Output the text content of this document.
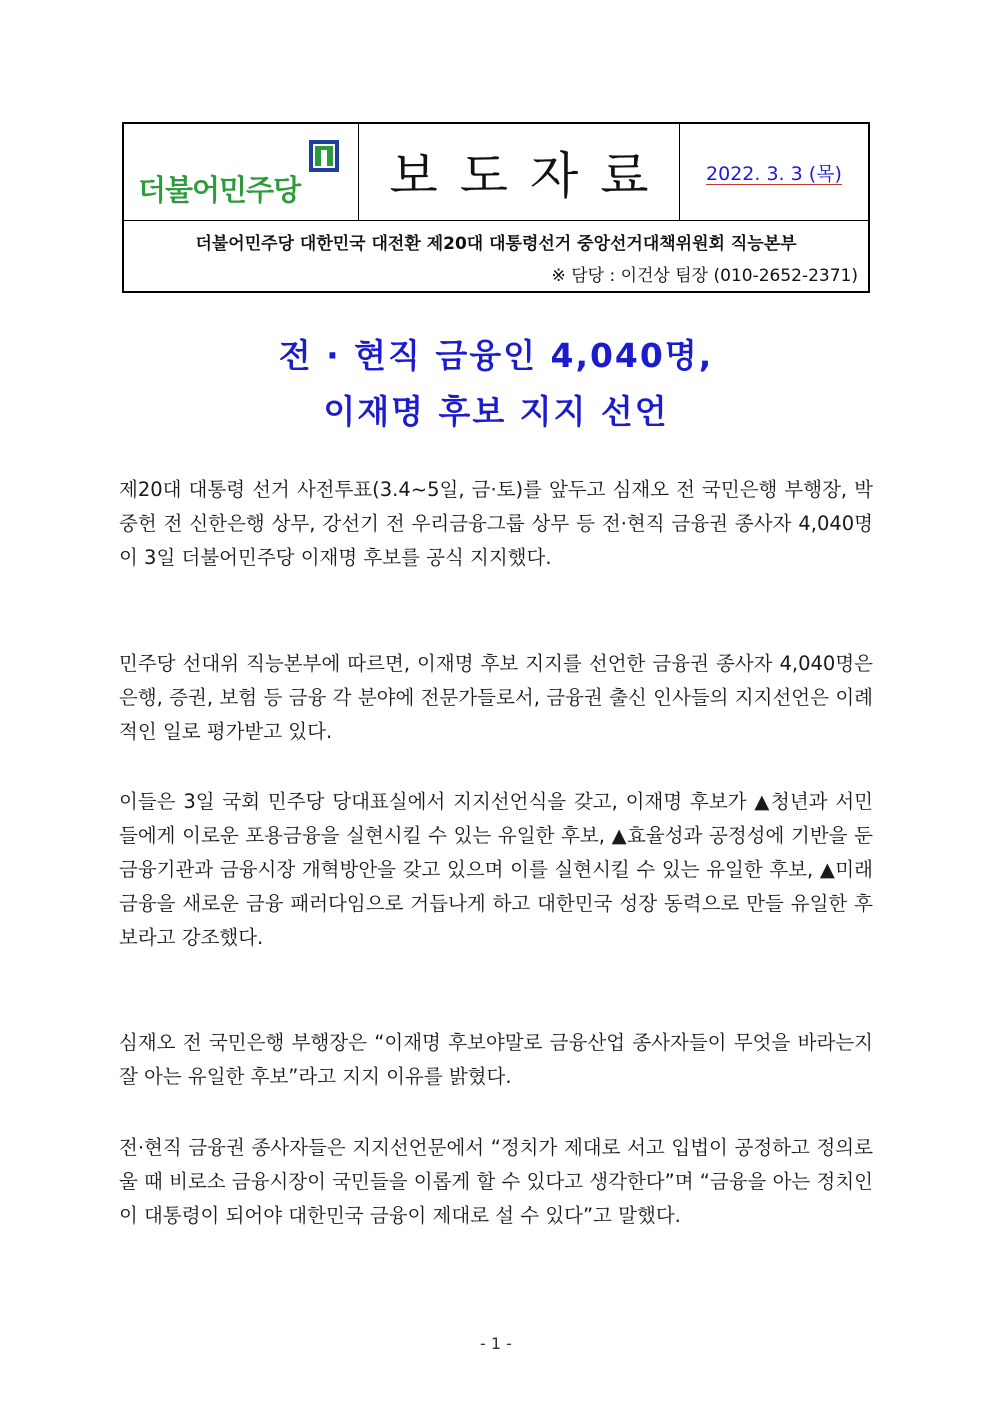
더불어민주당	보도자료 2022. 3. 3 (목)
더불어민주당 대한민국 대전환 제20대 대통령선거 중앙선거대책위원회 직능본부
※ 담당 : 이건상 팀장 (010-2652-2371)
전 · 현직 금융인 4,040명,
이재명 후보 지지 선언
제20대 대통령 선거 사전투표(3.4~5일, 금·토)를 앞두고 심재오 전 국민은행 부행장, 박중헌 전 신한은행 상무, 강선기 전 우리금융그룹 상무 등 전·현직 금융권 종사자 4,040명이 3일 더불어민주당 이재명 후보를 공식 지지했다.
민주당 선대위 직능본부에 따르면, 이재명 후보 지지를 선언한 금융권 종사자 4,040명은 은행, 증권, 보험 등 금융 각 분야에 전문가들로서, 금융권 출신 인사들의 지지선언은 이례적인 일로 평가받고 있다.
이들은 3일 국회 민주당 당대표실에서 지지선언식을 갖고, 이재명 후보가 ▲청년과 서민들에게 이로운 포용금융을 실현시킬 수 있는 유일한 후보, ▲효율성과 공정성에 기반을 둔 금융기관과 금융시장 개혁방안을 갖고 있으며 이를 실현시킬 수 있는 유일한 후보, ▲미래금융을 새로운 금융 패러다임으로 거듭나게 하고 대한민국 성장 동력으로 만들 유일한 후보라고 강조했다.
심재오 전 국민은행 부행장은 “이재명 후보야말로 금융산업 종사자들이 무엇을 바라는지 잘 아는 유일한 후보”라고 지지 이유를 밝혔다.
전·현직 금융권 종사자들은 지지선언문에서 “정치가 제대로 서고 입법이 공정하고 정의로울 때 비로소 금융시장이 국민들을 이롭게 할 수 있다고 생각한다”며 “금융을 아는 정치인이 대통령이 되어야 대한민국 금융이 제대로 설 수 있다”고 말했다.
- 1 -
